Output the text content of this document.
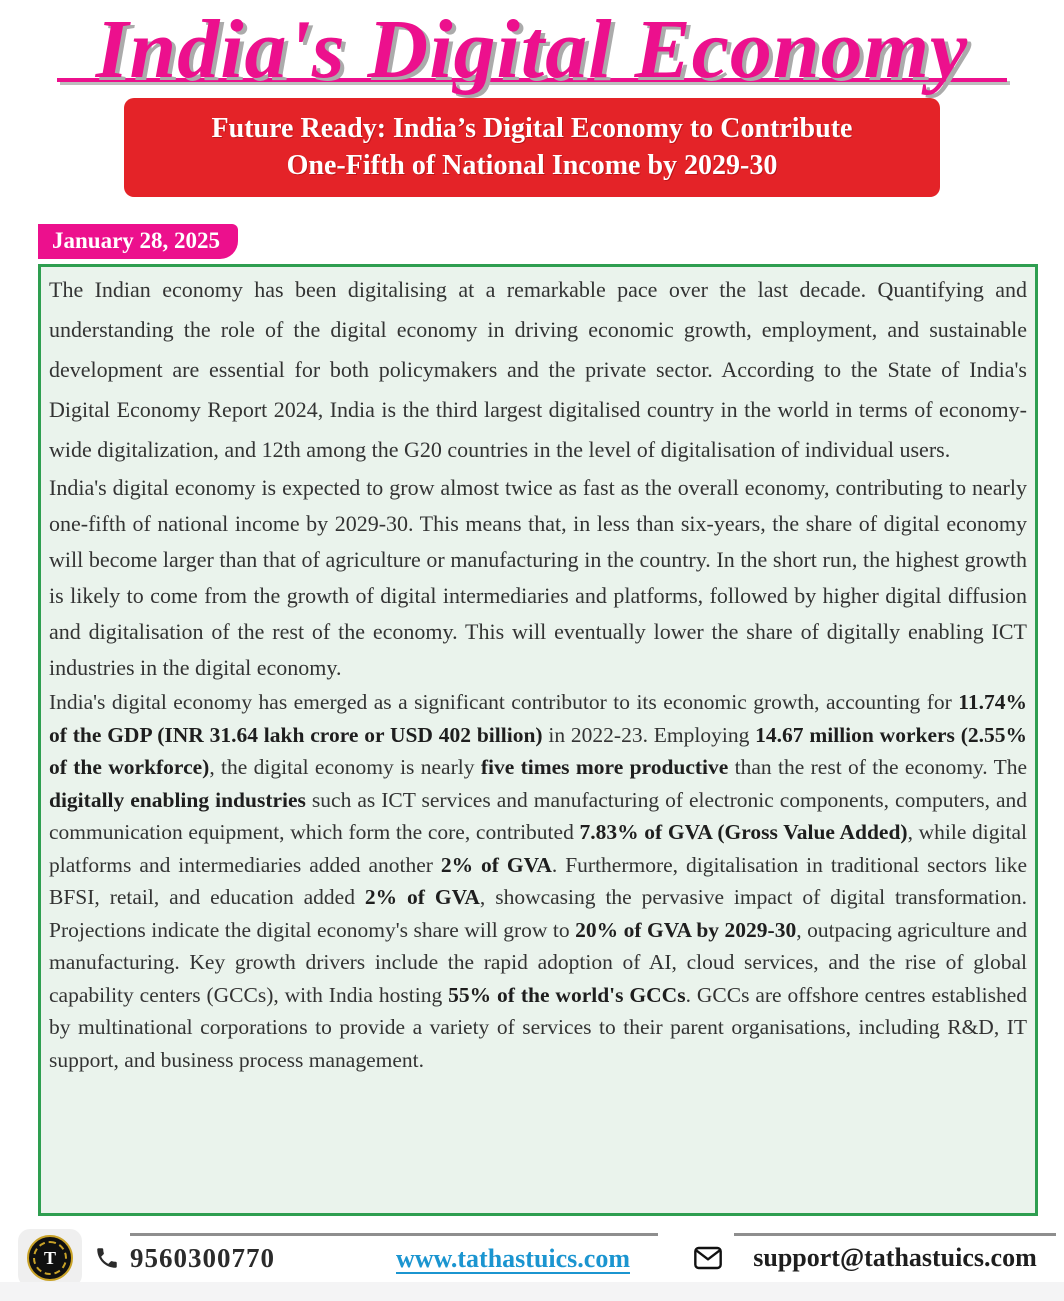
India's Digital Economy
Future Ready: India’s Digital Economy to Contribute
One-Fifth of National Income by 2029-30
January 28, 2025

The Indian economy has been digitalising at a remarkable pace over the last decade. Quantifying and understanding the role of the digital economy in driving economic growth, employment, and sustainable development are essential for both policymakers and the private sector. According to the State of India's Digital Economy Report 2024, India is the third largest digitalised country in the world in terms of economy-wide digitalization, and 12th among the G20 countries in the level of digitalisation of individual users.

India's digital economy is expected to grow almost twice as fast as the overall economy, contributing to nearly one-fifth of national income by 2029-30. This means that, in less than six-years, the share of digital economy will become larger than that of agriculture or manufacturing in the country. In the short run, the highest growth is likely to come from the growth of digital intermediaries and platforms, followed by higher digital diffusion and digitalisation of the rest of the economy. This will eventually lower the share of digitally enabling ICT industries in the digital economy.

India's digital economy has emerged as a significant contributor to its economic growth, accounting for 11.74% of the GDP (INR 31.64 lakh crore or USD 402 billion) in 2022-23. Employing 14.67 million workers (2.55% of the workforce), the digital economy is nearly five times more productive than the rest of the economy. The digitally enabling industries such as ICT services and manufacturing of electronic components, computers, and communication equipment, which form the core, contributed 7.83% of GVA (Gross Value Added), while digital platforms and intermediaries added another 2% of GVA. Furthermore, digitalisation in traditional sectors like BFSI, retail, and education added 2% of GVA, showcasing the pervasive impact of digital transformation. Projections indicate the digital economy's share will grow to 20% of GVA by 2029-30, outpacing agriculture and manufacturing. Key growth drivers include the rapid adoption of AI, cloud services, and the rise of global capability centers (GCCs), with India hosting 55% of the world's GCCs. GCCs are offshore centres established by multinational corporations to provide a variety of services to their parent organisations, including R&D, IT support, and business process management.

T	9560300770	www.tathastuics.com	support@tathastuics.com
